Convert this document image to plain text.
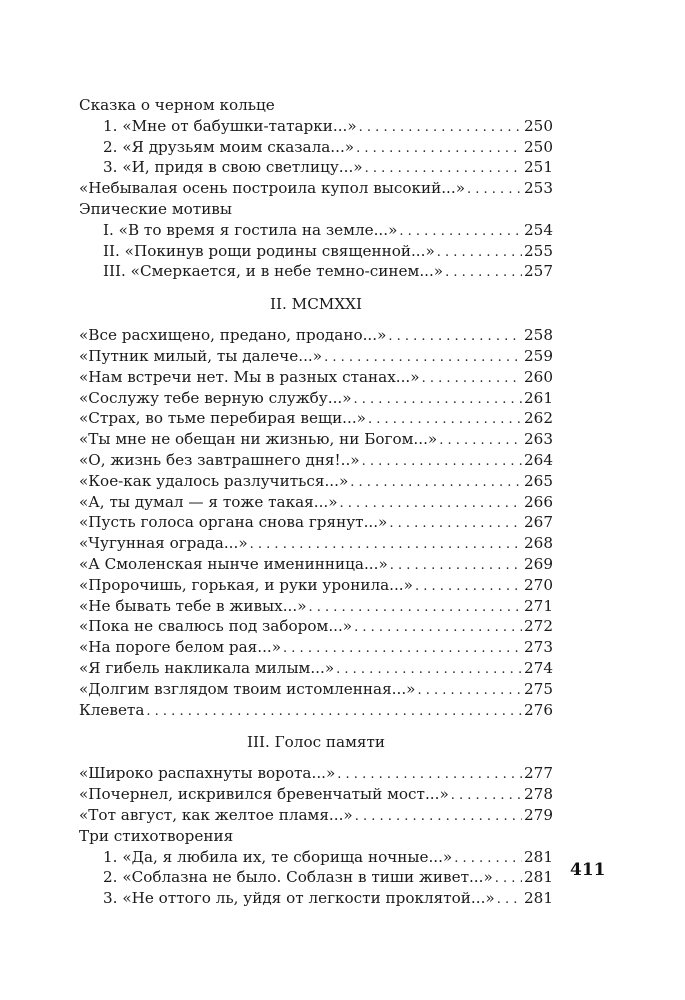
Сказка о черном кольце
1. «Мне от бабушки-татарки...» . . .	250
2. «Я друзьям моим сказала...» . . .	250
3. «И, придя в свою светлицу...» . . .	251
«Небывалая осень построила купол высокий...» . . .	253
Эпические мотивы
I. «В то время я гостила на земле...» . . .	254
II. «Покинув рощи родины священной...» . . .	255
III. «Смеркается, и в небе темно-синем...» . . .	257
II. MCMXXI
«Все расхищено, предано, продано...» . . .	258
«Путник милый, ты далече...» . . .	259
«Нам встречи нет. Мы в разных станах...» . . .	260
«Сослужу тебе верную службу...» . . .	261
«Страх, во тьме перебирая вещи...» . . .	262
«Ты мне не обещан ни жизнью, ни Богом...» . . .	263
«О, жизнь без завтрашнего дня!..» . . .	264
«Кое-как удалось разлучиться...» . . .	265
«А, ты думал — я тоже такая...» . . .	266
«Пусть голоса органа снова грянут...» . . .	267
«Чугунная ограда...» . . .	268
«А Смоленская нынче именинница...» . . .	269
«Пророчишь, горькая, и руки уронила...» . . .	270
«Не бывать тебе в живых...» . . .	271
«Пока не свалюсь под забором...» . . .	272
«На пороге белом рая...» . . .	273
«Я гибель накликала милым...» . . .	274
«Долгим взглядом твоим истомленная...» . . .	275
Клевета . . .	276
III. Голос памяти
«Широко распахнуты ворота...» . . .	277
«Почернел, искривился бревенчатый мост...» . . .	278
«Тот август, как желтое пламя...» . . .	279
Три стихотворения
1. «Да, я любила их, те сборища ночные...» . . .	281
2. «Соблазна не было. Соблазн в тиши живет...» . . . 281
3. «Не оттого ль, уйдя от легкости проклятой...» . . . 281
411
